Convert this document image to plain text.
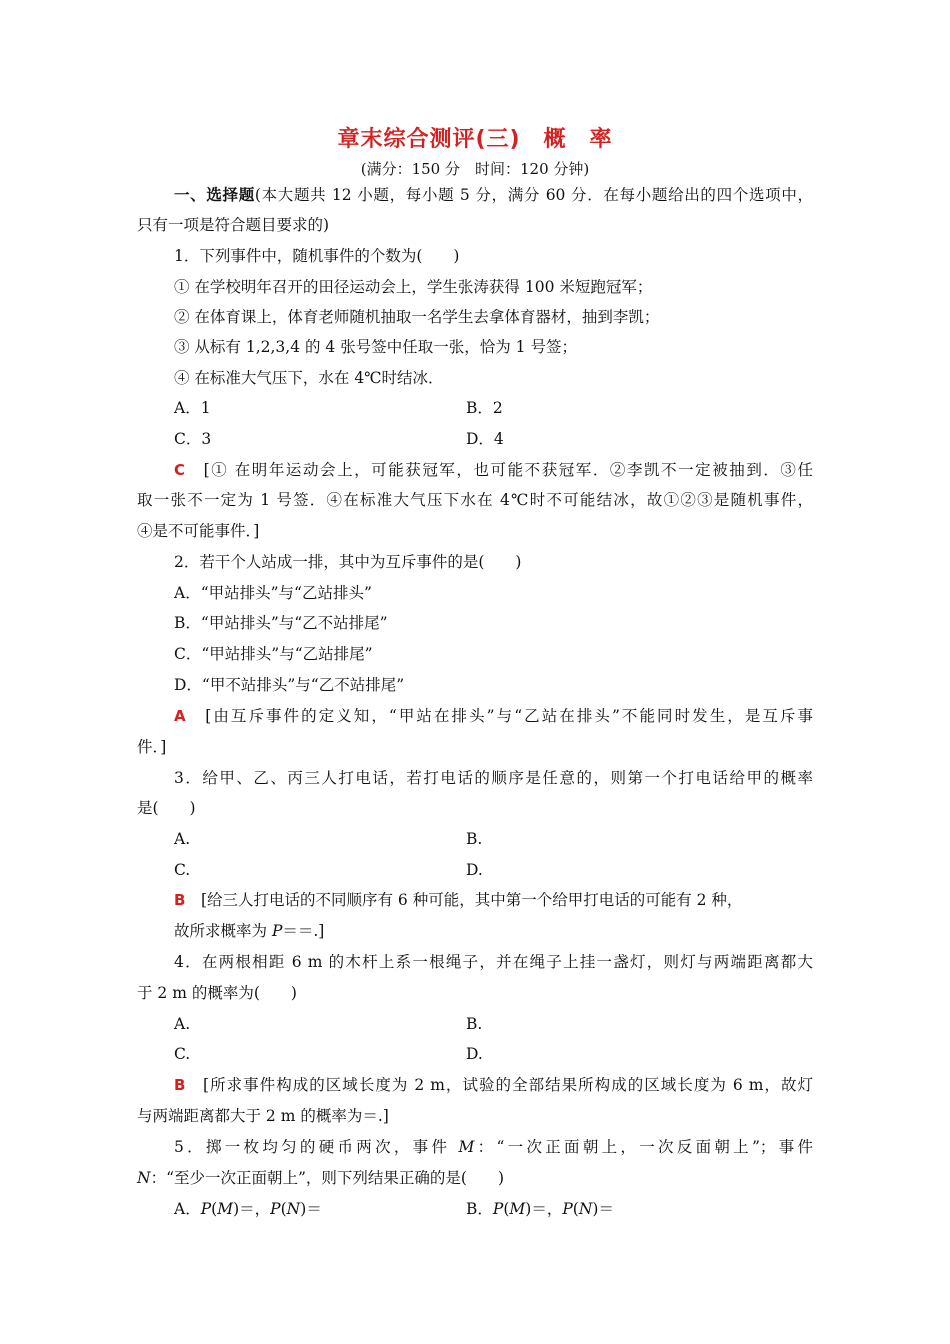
章末综合测评(三)　概　率
(满分：150 分　时间：120 分钟)
一、选择题(本大题共 12 小题，每小题 5 分，满分 60 分．在每小题给出的四个选项中，
只有一项是符合题目要求的)
1．下列事件中，随机事件的个数为(　　)
① 在学校明年召开的田径运动会上，学生张涛获得 100 米短跑冠军；
② 在体育课上，体育老师随机抽取一名学生去拿体育器材，抽到李凯；
③ 从标有 1,2,3,4 的 4 张号签中任取一张，恰为 1 号签；
④ 在标准大气压下，水在 4℃时结冰．
A．1	B．2
C．3	D．4
C　 [① 在明年运动会上，可能获冠军，也可能不获冠军．②李凯不一定被抽到．③任
取一张不一定为 1 号签．④在标准大气压下水在 4℃时不可能结冰，故①②③是随机事件，
④是不可能事件．]
2．若干个人站成一排，其中为互斥事件的是(　　)
A．“甲站排头”与“乙站排头”
B．“甲站排头”与“乙不站排尾”
C．“甲站排头”与“乙站排尾”
D．“甲不站排头”与“乙不站排尾”
A　 [由互斥事件的定义知，“甲站在排头”与“乙站在排头”不能同时发生，是互斥事
件．]
3．给甲、乙、丙三人打电话，若打电话的顺序是任意的，则第一个打电话给甲的概率
是(　　)
A.	B.
C.	D.
B　 [给三人打电话的不同顺序有 6 种可能，其中第一个给甲打电话的可能有 2 种，
故所求概率为 P＝＝.]
4．在两根相距 6 m 的木杆上系一根绳子，并在绳子上挂一盏灯，则灯与两端距离都大
于 2 m 的概率为(　　)
A.	B.
C.	D.
B　 [所求事件构成的区域长度为 2 m，试验的全部结果所构成的区域长度为 6 m，故灯
与两端距离都大于 2 m 的概率为＝.]
5．掷一枚均匀的硬币两次，事件 M：“一次正面朝上，一次反面朝上”；事件
N：“至少一次正面朝上”，则下列结果正确的是(　　)
A．P(M)＝，P(N)＝	B．P(M)＝，P(N)＝
